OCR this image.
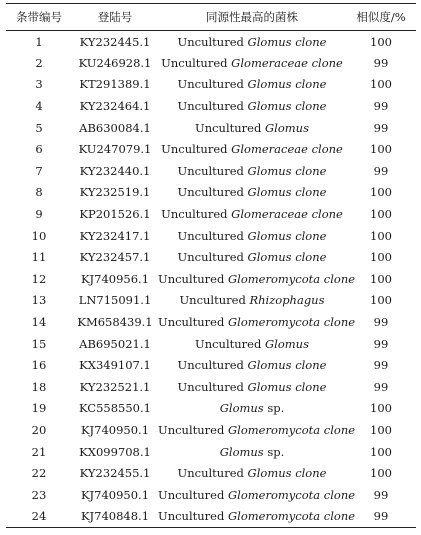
条带编号	登陆号	同源性最高的菌株	相似度/%
1	KY232445.1	Uncultured Glomus clone	100
2	KU246928.1	Uncultured Glomeraceae clone	99
3	KT291389.1	Uncultured Glomus clone	100
4	KY232464.1	Uncultured Glomus clone	99
5	AB630084.1	Uncultured Glomus	99
6	KU247079.1	Uncultured Glomeraceae clone	100
7	KY232440.1	Uncultured Glomus clone	99
8	KY232519.1	Uncultured Glomus clone	100
9	KP201526.1	Uncultured Glomeraceae clone	100
10	KY232417.1	Uncultured Glomus clone	100
11	KY232457.1	Uncultured Glomus clone	100
12	KJ740956.1	Uncultured Glomeromycota clone	100
13	LN715091.1	Uncultured Rhizophagus	100
14	KM658439.1	Uncultured Glomeromycota clone	99
15	AB695021.1	Uncultured Glomus	99
16	KX349107.1	Uncultured Glomus clone	99
18	KY232521.1	Uncultured Glomus clone	99
19	KC558550.1	Glomus sp.	100
20	KJ740950.1	Uncultured Glomeromycota clone	100
21	KX099708.1	Glomus sp.	100
22	KY232455.1	Uncultured Glomus clone	100
23	KJ740950.1	Uncultured Glomeromycota clone	99
24	KJ740848.1	Uncultured Glomeromycota clone	99
